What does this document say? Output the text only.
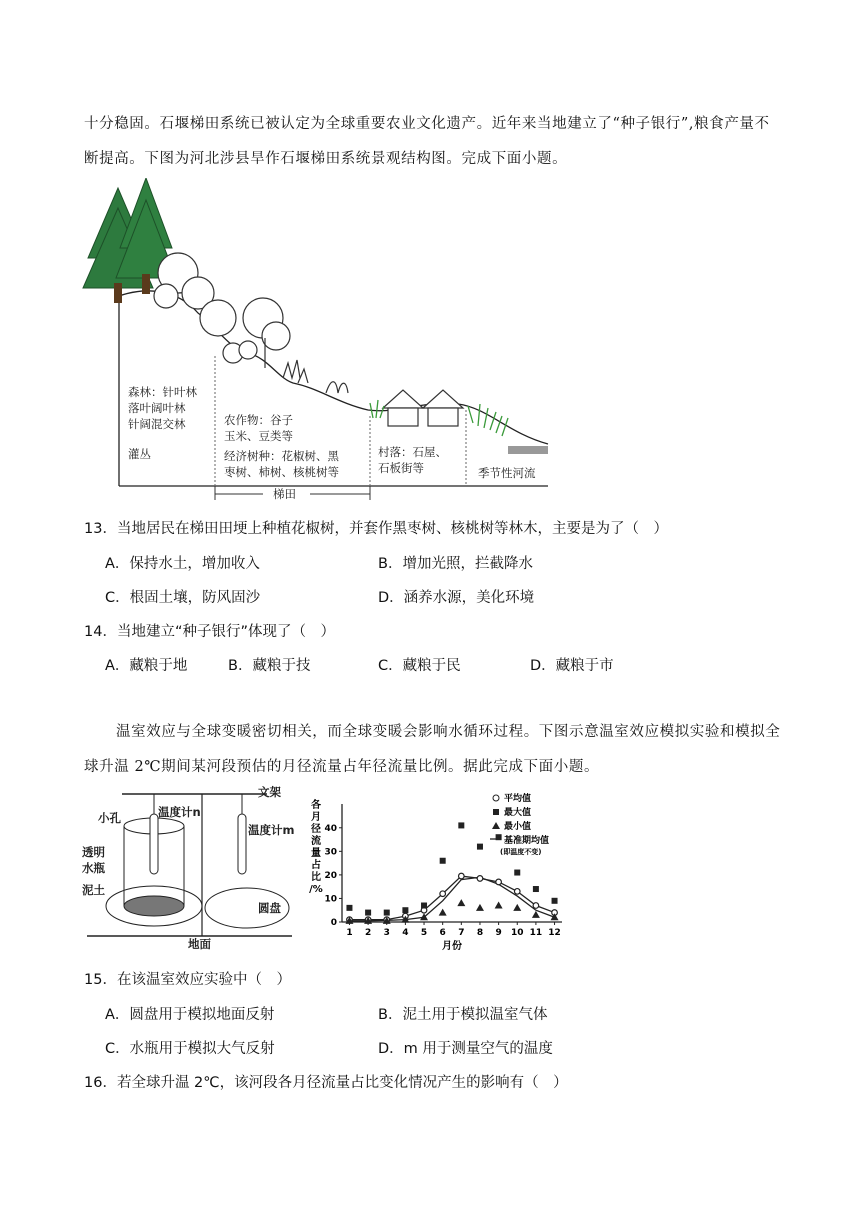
十分稳固。石堰梯田系统已被认定为全球重要农业文化遗产。近年来当地建立了“种子银行”,粮食产量不
断提高。下图为河北涉县旱作石堰梯田系统景观结构图。完成下面小题。
森林：针叶林
落叶阔叶林
针阔混交林
灌丛
农作物：谷子
玉米、豆类等
经济树种：花椒树、黑
枣树、柿树、核桃树等
村落：石屋、
石板街等	季节性河流
梯田
13．当地居民在梯田田埂上种植花椒树，并套作黑枣树、核桃树等林木，主要是为了（　）
A．保持水土，增加收入	B．增加光照，拦截降水
C．根固土壤，防风固沙	D．涵养水源，美化环境
14．当地建立“种子银行”体现了（　）
A．藏粮于地	B．藏粮于技	C．藏粮于民	D．藏粮于市
温室效应与全球变暖密切相关，而全球变暖会影响水循环过程。下图示意温室效应模拟实验和模拟全
球升温 2℃期间某河段预估的月径流量占年径流量比例。据此完成下面小题。
文架
小孔	温度计n
温度计m
透明
水瓶
泥土
圆盘
地面
0
10
20
30
40
1 2 3 4 5 6 7 8 9 10 11 12
各
月
径
流
量
占
比
/%
月份
平均值
最大值
最小值
基准期均值
(即温度不变)
15．在该温室效应实验中（　）
A．圆盘用于模拟地面反射	B．泥土用于模拟温室气体
C．水瓶用于模拟大气反射	D．m 用于测量空气的温度
16．若全球升温 2℃，该河段各月径流量占比变化情况产生的影响有（　）
